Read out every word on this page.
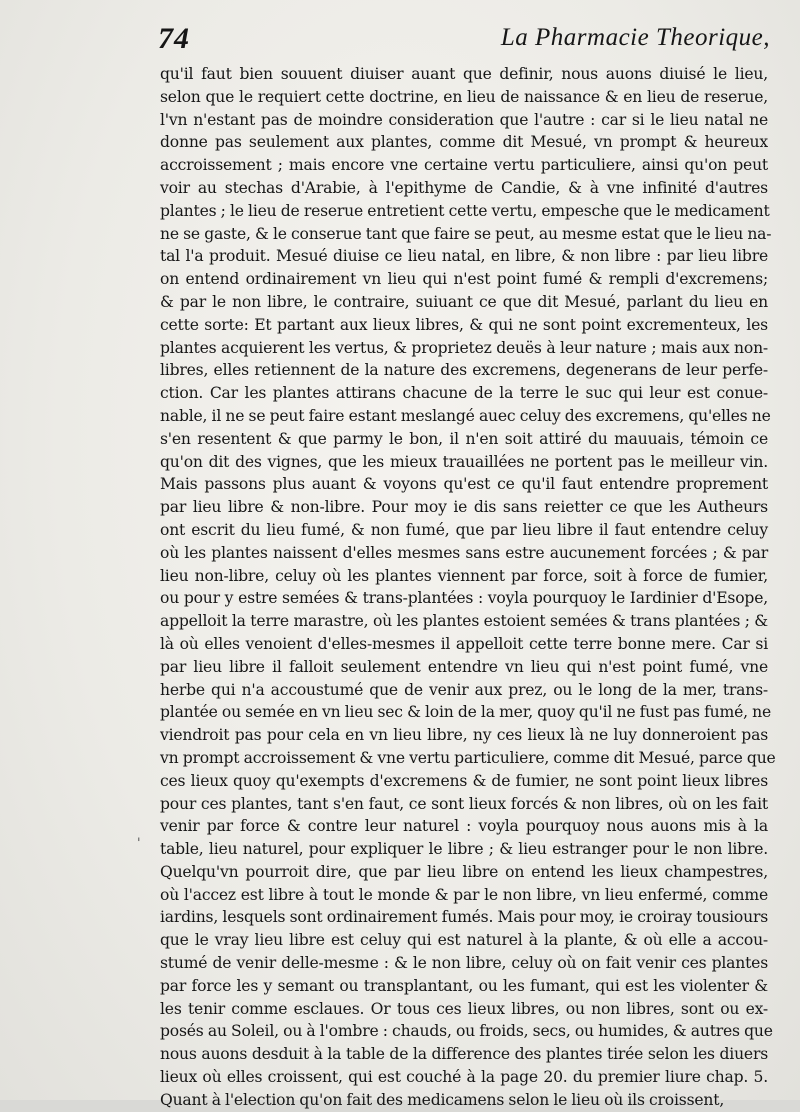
74	La Pharmacie Theorique,
'
qu'il faut bien souuent diuiser auant que definir, nous auons diuisé le lieu,
selon que le requiert cette doctrine, en lieu de naissance & en lieu de reserue,
l'vn n'estant pas de moindre consideration que l'autre : car si le lieu natal ne
donne pas seulement aux plantes, comme dit Mesué, vn prompt & heureux
accroissement ; mais encore vne certaine vertu particuliere, ainsi qu'on peut
voir au stechas d'Arabie, à l'epithyme de Candie, & à vne infinité d'autres
plantes ; le lieu de reserue entretient cette vertu, empesche que le medicament
ne se gaste, & le conserue tant que faire se peut, au mesme estat que le lieu na-
tal l'a produit. Mesué diuise ce lieu natal, en libre, & non libre : par lieu libre
on entend ordinairement vn lieu qui n'est point fumé & rempli d'excremens;
& par le non libre, le contraire, suiuant ce que dit Mesué, parlant du lieu en
cette sorte: Et partant aux lieux libres, & qui ne sont point excrementeux, les
plantes acquierent les vertus, & proprietez deuës à leur nature ; mais aux non-
libres, elles retiennent de la nature des excremens, degenerans de leur perfe-
ction. Car les plantes attirans chacune de la terre le suc qui leur est conue-
nable, il ne se peut faire estant meslangé auec celuy des excremens, qu'elles ne
s'en resentent & que parmy le bon, il n'en soit attiré du mauuais, témoin ce
qu'on dit des vignes, que les mieux trauaillées ne portent pas le meilleur vin.
Mais passons plus auant & voyons qu'est ce qu'il faut entendre proprement
par lieu libre & non-libre. Pour moy ie dis sans reietter ce que les Autheurs
ont escrit du lieu fumé, & non fumé, que par lieu libre il faut entendre celuy
où les plantes naissent d'elles mesmes sans estre aucunement forcées ; & par
lieu non-libre, celuy où les plantes viennent par force, soit à force de fumier,
ou pour y estre semées & trans-plantées : voyla pourquoy le Iardinier d'Esope,
appelloit la terre marastre, où les plantes estoient semées & trans plantées ; &
là où elles venoient d'elles-mesmes il appelloit cette terre bonne mere. Car si
par lieu libre il falloit seulement entendre vn lieu qui n'est point fumé, vne
herbe qui n'a accoustumé que de venir aux prez, ou le long de la mer, trans-
plantée ou semée en vn lieu sec & loin de la mer, quoy qu'il ne fust pas fumé, ne
viendroit pas pour cela en vn lieu libre, ny ces lieux là ne luy donneroient pas
vn prompt accroissement & vne vertu particuliere, comme dit Mesué, parce que
ces lieux quoy qu'exempts d'excremens & de fumier, ne sont point lieux libres
pour ces plantes, tant s'en faut, ce sont lieux forcés & non libres, où on les fait
venir par force & contre leur naturel : voyla pourquoy nous auons mis à la
table, lieu naturel, pour expliquer le libre ; & lieu estranger pour le non libre.
Quelqu'vn pourroit dire, que par lieu libre on entend les lieux champestres,
où l'accez est libre à tout le monde & par le non libre, vn lieu enfermé, comme
iardins, lesquels sont ordinairement fumés. Mais pour moy, ie croiray tousiours
que le vray lieu libre est celuy qui est naturel à la plante, & où elle a accou-
stumé de venir delle-mesme : & le non libre, celuy où on fait venir ces plantes
par force les y semant ou transplantant, ou les fumant, qui est les violenter &
les tenir comme esclaues. Or tous ces lieux libres, ou non libres, sont ou ex-
posés au Soleil, ou à l'ombre : chauds, ou froids, secs, ou humides, & autres que
nous auons desduit à la table de la difference des plantes tirée selon les diuers
lieux où elles croissent, qui est couché à la page 20. du premier liure chap. 5.
Quant à l'election qu'on fait des medicamens selon le lieu où ils croissent,
